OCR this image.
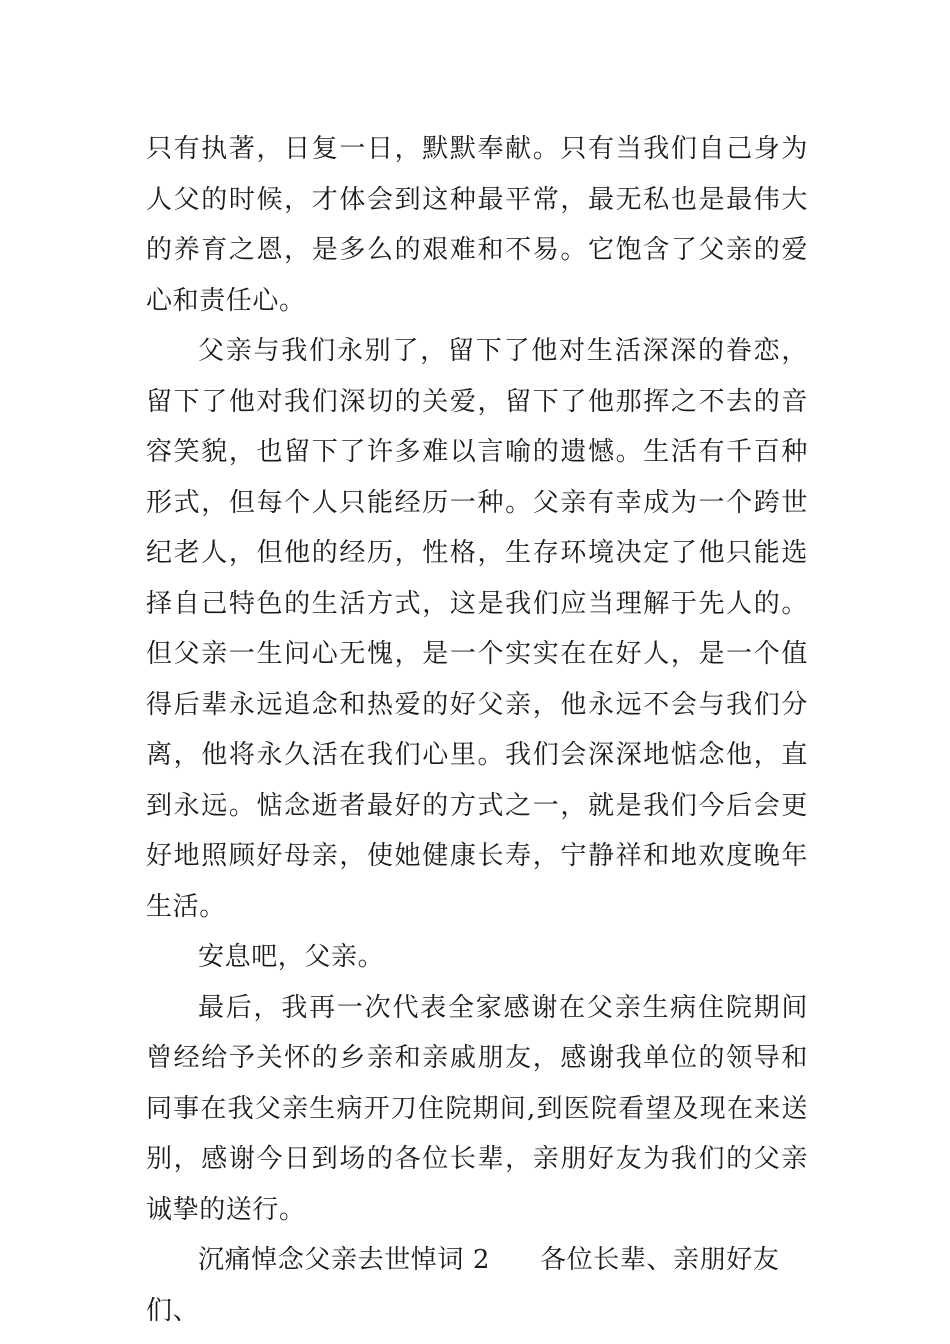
只有执著，日复一日，默默奉献。只有当我们自己身为人父的时候，才体会到这种最平常，最无私也是最伟大的养育之恩，是多么的艰难和不易。它饱含了父亲的爱心和责任心。

父亲与我们永别了，留下了他对生活深深的眷恋，留下了他对我们深切的关爱，留下了他那挥之不去的音容笑貌，也留下了许多难以言喻的遗憾。生活有千百种形式，但每个人只能经历一种。父亲有幸成为一个跨世纪老人，但他的经历，性格，生存环境决定了他只能选择自己特色的生活方式，这是我们应当理解于先人的。但父亲一生问心无愧，是一个实实在在好人，是一个值得后辈永远追念和热爱的好父亲，他永远不会与我们分离，他将永久活在我们心里。我们会深深地惦念他，直到永远。惦念逝者最好的方式之一，就是我们今后会更好地照顾好母亲，使她健康长寿，宁静祥和地欢度晚年生活。

安息吧，父亲。

最后，我再一次代表全家感谢在父亲生病住院期间曾经给予关怀的乡亲和亲戚朋友，感谢我单位的领导和同事在我父亲生病开刀住院期间,到医院看望及现在来送别，感谢今日到场的各位长辈，亲朋好友为我们的父亲诚挚的送行。

沉痛悼念父亲去世悼词 2 各位长辈、亲朋好友们、
